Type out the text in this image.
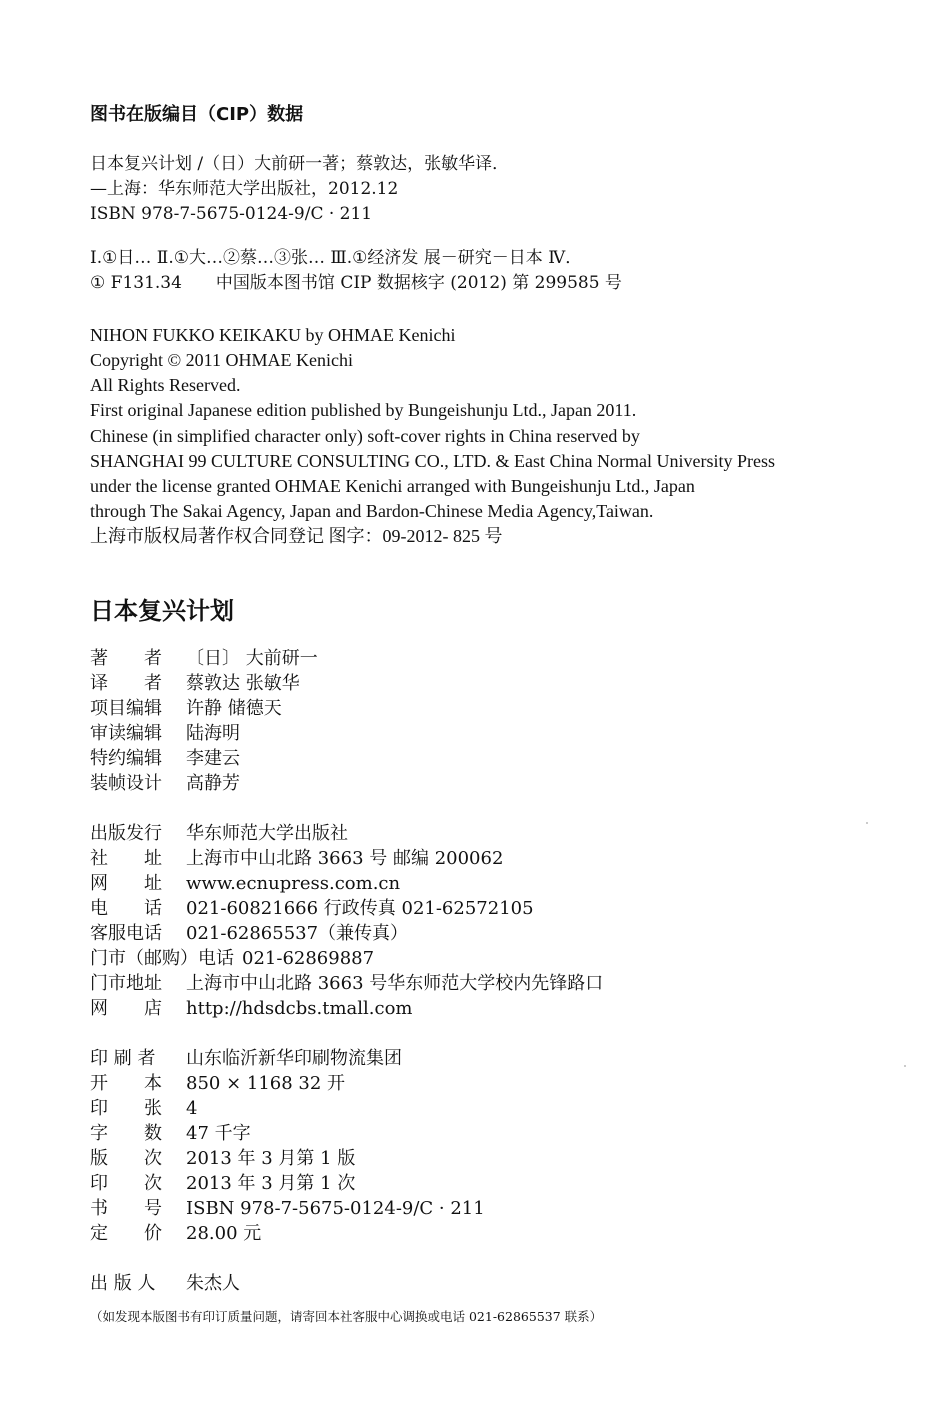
图书在版编目（CIP）数据
日本复兴计划 /（日）大前研一著；蔡敦达，张敏华译．
—上海：华东师范大学出版社，2012.12
ISBN 978-7-5675-0124-9/C · 211
Ⅰ.①日… Ⅱ.①大…②蔡…③张… Ⅲ.①经济发 展－研究－日本 Ⅳ．
① F131.34　　中国版本图书馆 CIP 数据核字 (2012) 第 299585 号
NIHON FUKKO KEIKAKU by OHMAE Kenichi
Copyright © 2011 OHMAE Kenichi
All Rights Reserved.
First original Japanese edition published by Bungeishunju Ltd., Japan 2011.
Chinese (in simplified character only) soft-cover rights in China reserved by
SHANGHAI 99 CULTURE CONSULTING CO., LTD. & East China Normal University Press
under the license granted OHMAE Kenichi arranged with Bungeishunju Ltd., Japan
through The Sakai Agency, Japan and Bardon-Chinese Media Agency,Taiwan.
上海市版权局著作权合同登记 图字：09-2012- 825 号
日本复兴计划
著　　者 〔日〕 大前研一
译　　者 蔡敦达 张敏华
项目编辑 许静 储德天
审读编辑 陆海明
特约编辑 李建云
装帧设计 高静芳
出版发行 华东师范大学出版社
社　　址 上海市中山北路 3663 号 邮编 200062
网　　址 www.ecnupress.com.cn
电　　话 021-60821666 行政传真 021-62572105
客服电话 021-62865537（兼传真）
门市（邮购）电话 021-62869887
门市地址 上海市中山北路 3663 号华东师范大学校内先锋路口
网　　店 http://hdsdcbs.tmall.com
印 刷 者 山东临沂新华印刷物流集团
开　　本 850 × 1168 32 开
印　　张 4
字　　数 47 千字
版　　次 2013 年 3 月第 1 版
印　　次 2013 年 3 月第 1 次
书　　号 ISBN 978-7-5675-0124-9/C · 211
定　　价 28.00 元
出 版 人 朱杰人
（如发现本版图书有印订质量问题，请寄回本社客服中心调换或电话 021-62865537 联系）
